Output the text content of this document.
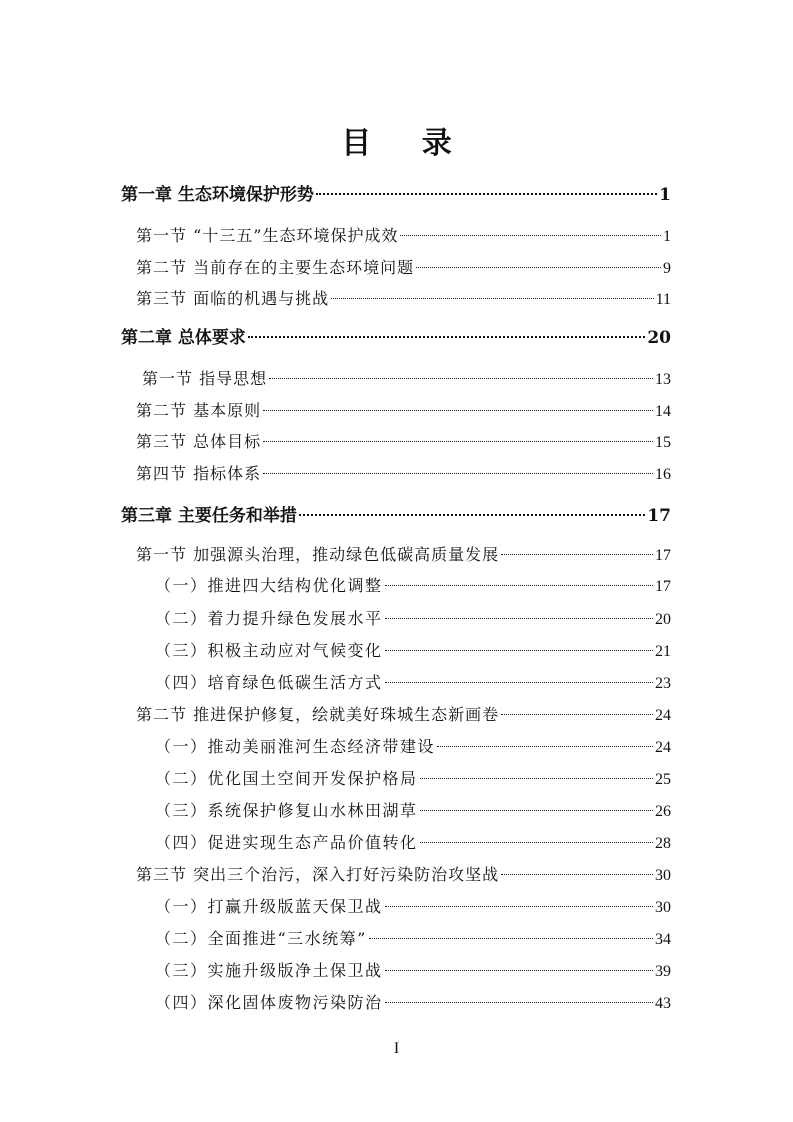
目 录
第一章 生态环境保护形势	1
第一节 “十三五”生态环境保护成效	1
第二节 当前存在的主要生态环境问题	9
第三节 面临的机遇与挑战	11
第二章 总体要求	20
第一节 指导思想	13
第二节 基本原则	14
第三节 总体目标	15
第四节 指标体系	16
第三章 主要任务和举措	17
第一节 加强源头治理，推动绿色低碳高质量发展	17
（一）推进四大结构优化调整	17
（二）着力提升绿色发展水平	20
（三）积极主动应对气候变化	21
（四）培育绿色低碳生活方式	23
第二节 推进保护修复，绘就美好珠城生态新画卷	24
（一）推动美丽淮河生态经济带建设	24
（二）优化国土空间开发保护格局	25
（三）系统保护修复山水林田湖草	26
（四）促进实现生态产品价值转化	28
第三节 突出三个治污，深入打好污染防治攻坚战	30
（一）打赢升级版蓝天保卫战	30
（二）全面推进“三水统筹”	34
（三）实施升级版净土保卫战	39
（四）深化固体废物污染防治	43
I
